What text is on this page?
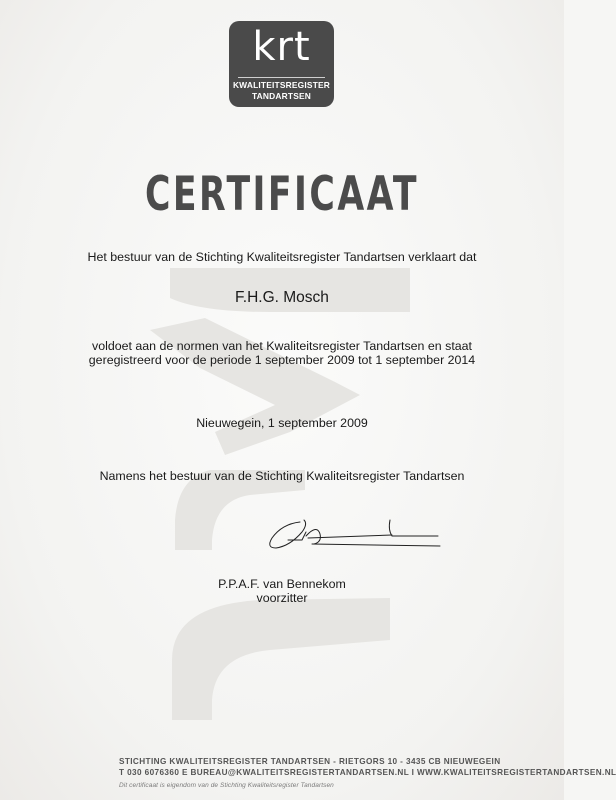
krt
KWALITEITSREGISTER
TANDARTSEN
CERTIFICAAT
Het bestuur van de Stichting Kwaliteitsregister Tandartsen verklaart dat
F.H.G. Mosch
voldoet aan de normen van het Kwaliteitsregister Tandartsen en staat
geregistreerd voor de periode 1 september 2009 tot 1 september 2014
Nieuwegein, 1 september 2009
Namens het bestuur van de Stichting Kwaliteitsregister Tandartsen
P.P.A.F. van Bennekom
voorzitter
STICHTING KWALITEITSREGISTER TANDARTSEN - RIETGORS 10 - 3435 CB NIEUWEGEIN
T 030 6076360 E BUREAU@KWALITEITSREGISTERTANDARTSEN.NL I WWW.KWALITEITSREGISTERTANDARTSEN.NL
Dit certificaat is eigendom van de Stichting Kwaliteitsregister Tandartsen
